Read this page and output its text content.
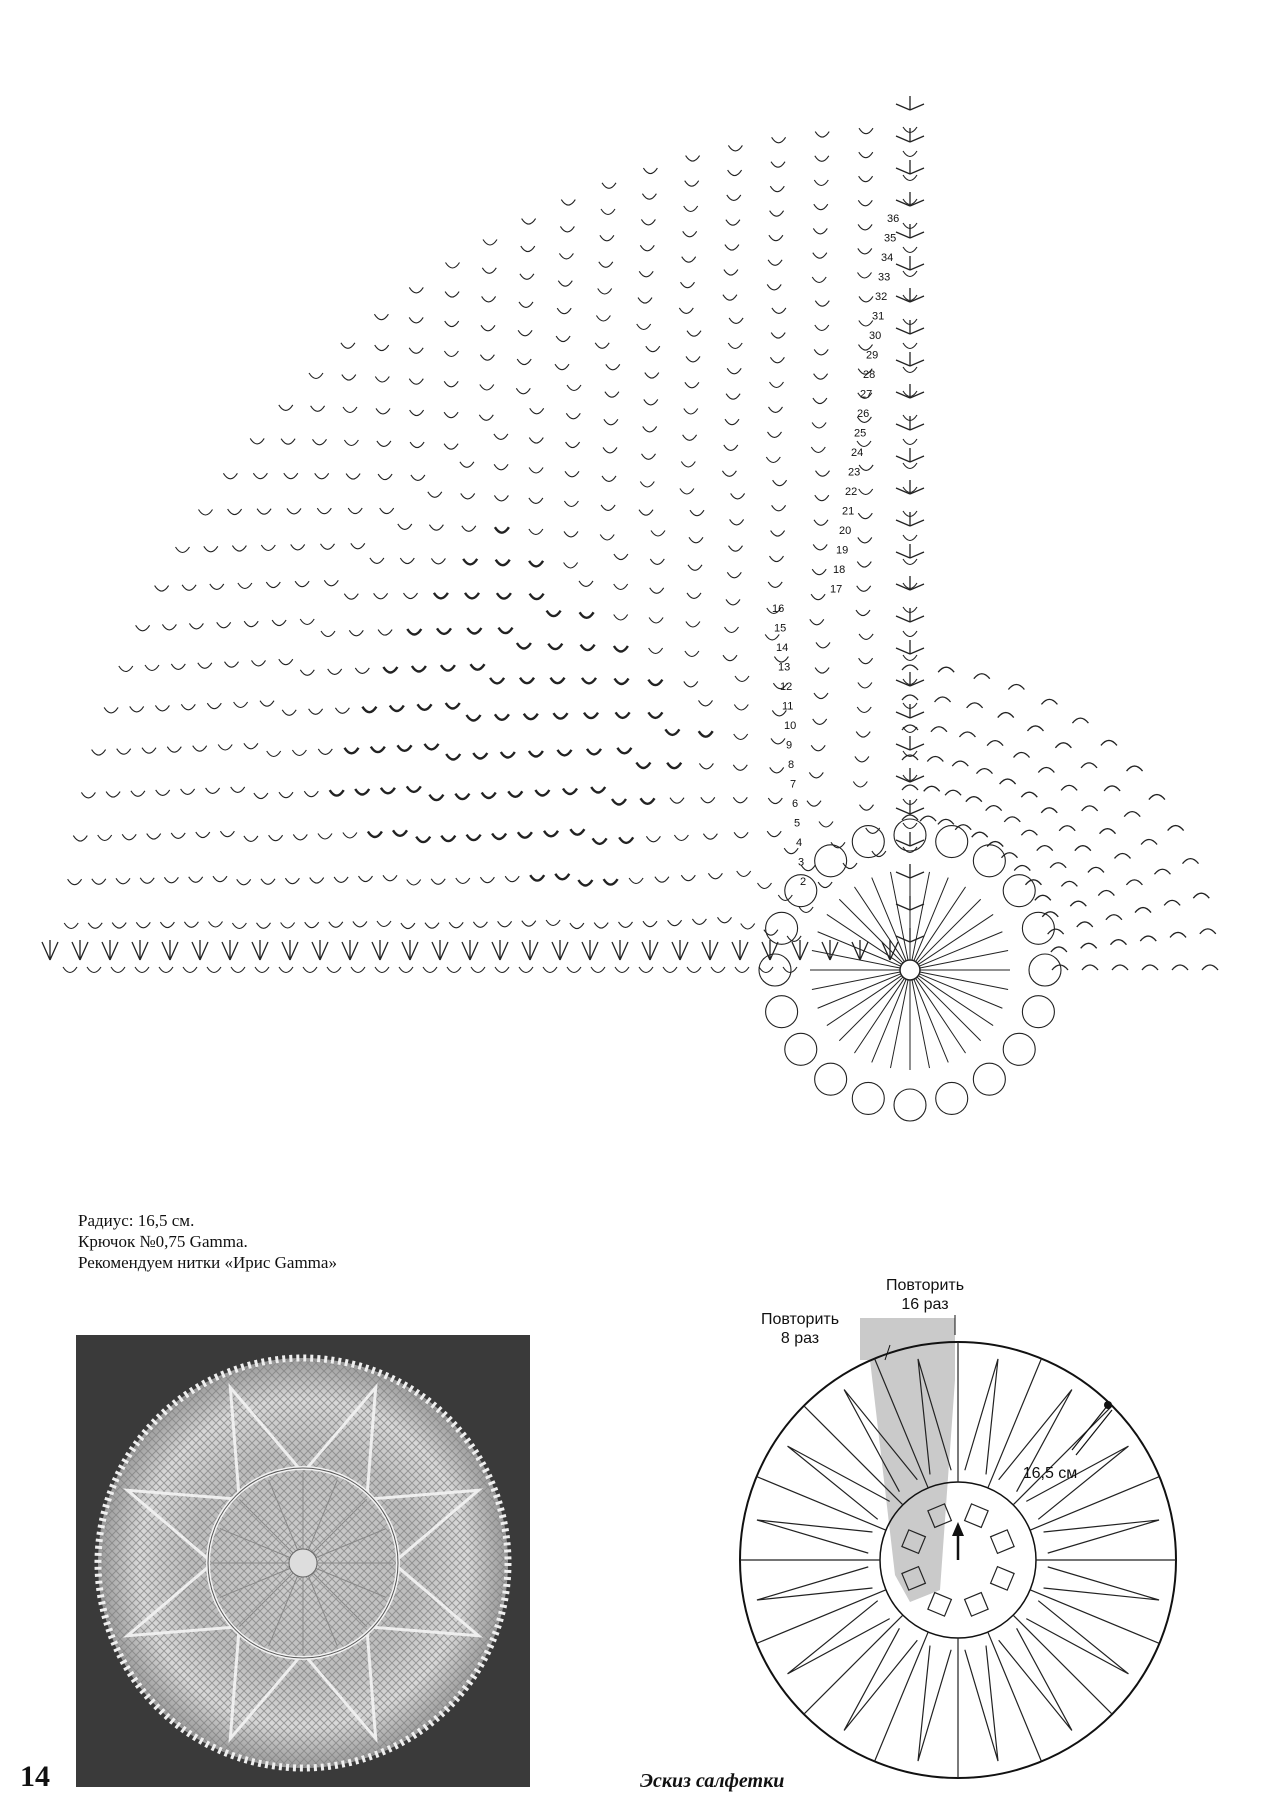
2
3
4
5
6
7
8
9
10
11
12
13
14
15
16
17
18
19
20
21
22
23
24
25
26
27
28
29
30
31
32
33
34
35
36
Радиус: 16,5 см.
Крючок №0,75 Gamma.
Рекомендуем нитки «Ирис Gamma»
Повторить
16 раз
Повторить
8 раз
16,5 см
14	Эскиз салфетки
